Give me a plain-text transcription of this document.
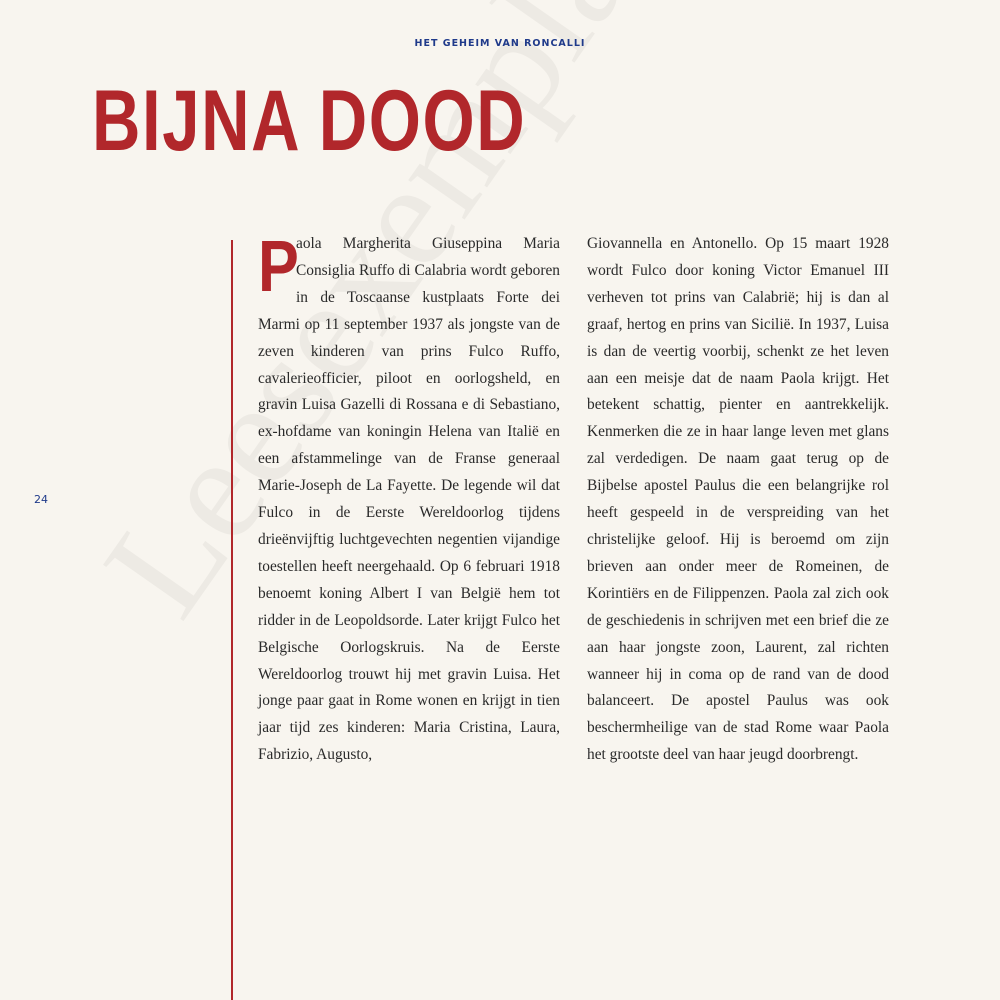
HET GEHEIM VAN RONCALLI
BIJNA DOOD
24
P
aola Margherita Giuseppina Maria Consiglia Ruffo di Calabria wordt geboren in de Toscaanse kustplaats Forte dei Marmi op 11 september 1937 als jongste van de zeven kinderen van prins Fulco Ruffo, cavalerieofficier, piloot en oorlogsheld, en gravin Luisa Gazelli di Rossana e di Sebastiano, ex-hofdame van koningin Helena van Italië en een afstammelinge van de Franse generaal Marie-Joseph de La Fayette. De legende wil dat Fulco in de Eerste Wereldoorlog tijdens drieënvijftig luchtgevechten negentien vijandige toestellen heeft neergehaald. Op 6 februari 1918 benoemt koning Albert I van België hem tot ridder in de Leopoldsorde. Later krijgt Fulco het Belgische Oorlogskruis. Na de Eerste Wereldoorlog trouwt hij met gravin Luisa. Het jonge paar gaat in Rome wonen en krijgt in tien jaar tijd zes kinderen: Maria Cristina, Laura, Fabrizio, Augusto,
Giovannella en Antonello. Op 15 maart 1928 wordt Fulco door koning Victor Emanuel III verheven tot prins van Calabrië; hij is dan al graaf, hertog en prins van Sicilië. In 1937, Luisa is dan de veertig voorbij, schenkt ze het leven aan een meisje dat de naam Paola krijgt. Het betekent schattig, pienter en aantrekkelijk. Kenmerken die ze in haar lange leven met glans zal verdedigen. De naam gaat terug op de Bijbelse apostel Paulus die een belangrijke rol heeft gespeeld in de verspreiding van het christelijke geloof. Hij is beroemd om zijn brieven aan onder meer de Romeinen, de Korintiërs en de Filippenzen. Paola zal zich ook de geschiedenis in schrijven met een brief die ze aan haar jongste zoon, Laurent, zal richten wanneer hij in coma op de rand van de dood balanceert. De apostel Paulus was ook beschermheilige van de stad Rome waar Paola het grootste deel van haar jeugd doorbrengt.
